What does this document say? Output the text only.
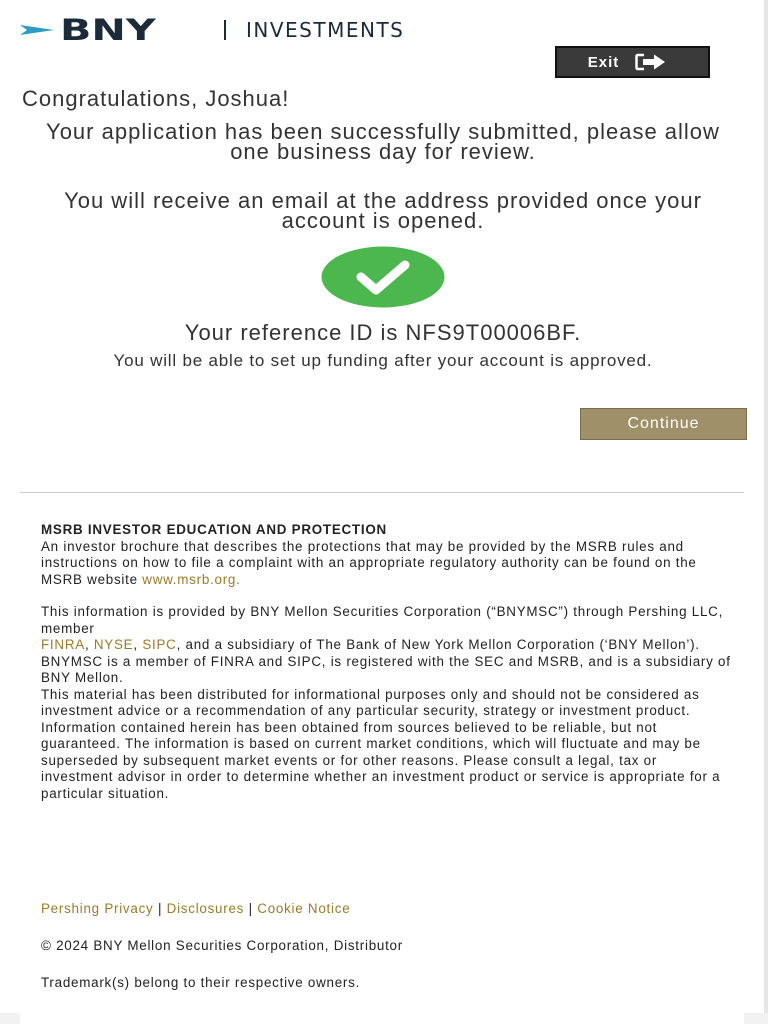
BNY	INVESTMENTS
Exit
Congratulations, Joshua!
Your application has been successfully submitted, please allow one business day for review.
You will receive an email at the address provided once your account is opened.
Your reference ID is NFS9T00006BF.
You will be able to set up funding after your account is approved.
Continue
MSRB INVESTOR EDUCATION AND PROTECTION
An investor brochure that describes the protections that may be provided by the MSRB rules and instructions on how to file a complaint with an appropriate regulatory authority can be found on the MSRB website www.msrb.org.
This information is provided by BNY Mellon Securities Corporation (“BNYMSC”) through Pershing LLC, member
FINRA, NYSE, SIPC, and a subsidiary of The Bank of New York Mellon Corporation (‘BNY Mellon’). BNYMSC is a member of FINRA and SIPC, is registered with the SEC and MSRB, and is a subsidiary of BNY Mellon.
This material has been distributed for informational purposes only and should not be considered as investment advice or a recommendation of any particular security, strategy or investment product. Information contained herein has been obtained from sources believed to be reliable, but not guaranteed. The information is based on current market conditions, which will fluctuate and may be superseded by subsequent market events or for other reasons. Please consult a legal, tax or investment advisor in order to determine whether an investment product or service is appropriate for a particular situation.
Pershing Privacy | Disclosures | Cookie Notice
© 2024 BNY Mellon Securities Corporation, Distributor
Trademark(s) belong to their respective owners.
